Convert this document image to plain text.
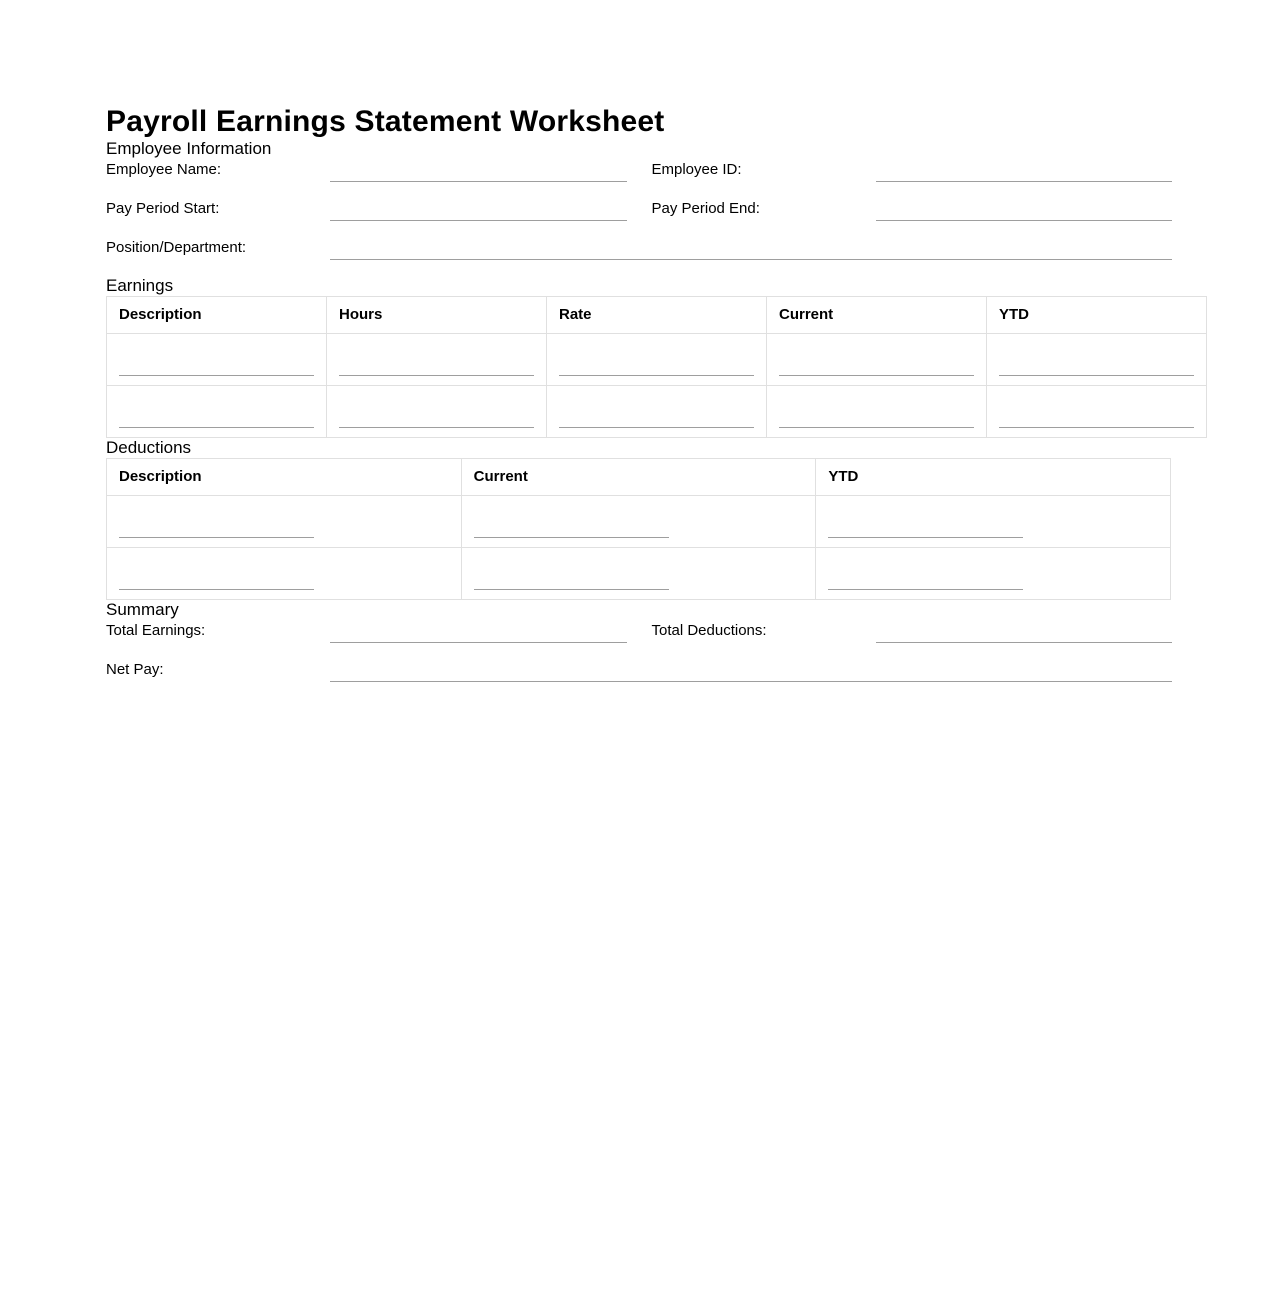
Payroll Earnings Statement Worksheet
Employee Information
Employee Name:	Employee ID:
Pay Period Start:	Pay Period End:
Position/Department:
Earnings
Description	Hours	Rate	Current	YTD

Deductions
Description	Current	YTD

Summary
Total Earnings:	Total Deductions:
Net Pay:
